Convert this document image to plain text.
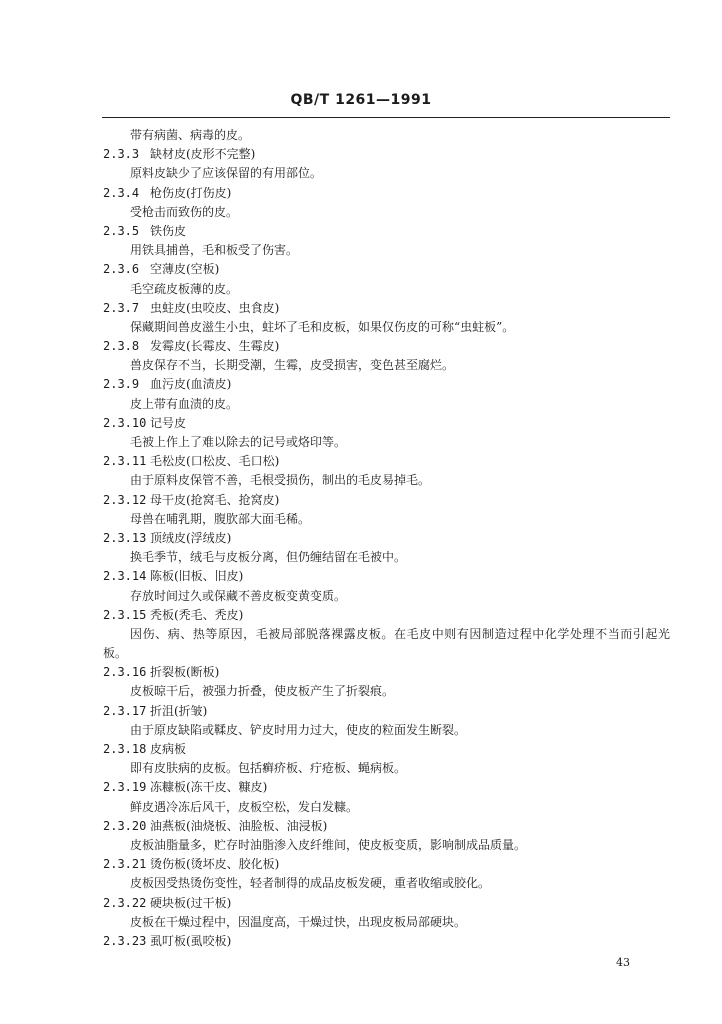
QB/T 1261—1991
带有病菌、病毒的皮。
2.3.3 缺材皮(皮形不完整)
原料皮缺少了应该保留的有用部位。
2.3.4 枪伤皮(打伤皮)
受枪击而致伤的皮。
2.3.5 铁伤皮
用铁具捕兽，毛和板受了伤害。
2.3.6 空薄皮(空板)
毛空疏皮板薄的皮。
2.3.7 虫蛀皮(虫咬皮、虫食皮)
保藏期间兽皮滋生小虫，蛀坏了毛和皮板，如果仅伤皮的可称“虫蛀板”。
2.3.8 发霉皮(长霉皮、生霉皮)
兽皮保存不当，长期受潮，生霉，皮受损害，变色甚至腐烂。
2.3.9 血污皮(血渍皮)
皮上带有血渍的皮。
2.3.10 记号皮
毛被上作上了难以除去的记号或烙印等。
2.3.11 毛松皮(口松皮、毛口松)
由于原料皮保管不善，毛根受损伤，制出的毛皮易掉毛。
2.3.12 母干皮(抢窝毛、抢窝皮)
母兽在哺乳期，腹肷部大面毛稀。
2.3.13 顶绒皮(浮绒皮)
换毛季节，绒毛与皮板分离，但仍缠结留在毛被中。
2.3.14 陈板(旧板、旧皮)
存放时间过久或保藏不善皮板变黄变质。
2.3.15 秃板(秃毛、秃皮)
因伤、病、热等原因，毛被局部脱落裸露皮板。在毛皮中则有因制造过程中化学处理不当而引起光
板。
2.3.16 折裂板(断板)
皮板晾干后，被强力折叠，使皮板产生了折裂痕。
2.3.17 折沮(折皱)
由于原皮缺陷或鞣皮、铲皮时用力过大，使皮的粒面发生断裂。
2.3.18 皮病板
即有皮肤病的皮板。包括癣疥板、疔疮板、蝇病板。
2.3.19 冻糠板(冻干皮、糠皮)
鲜皮遇冷冻后风干，皮板空松，发白发糠。
2.3.20 油燕板(油烧板、油脸板、油浸板)
皮板油脂量多，贮存时油脂渗入皮纤维间，使皮板变质，影响制成品质量。
2.3.21 烫伤板(烫坏皮、胶化板)
皮板因受热烫伤变性，轻者制得的成品皮板发硬，重者收缩或胶化。
2.3.22 硬块板(过干板)
皮板在干燥过程中，因温度高，干燥过快，出现皮板局部硬块。
2.3.23 虱叮板(虱咬板)
43
